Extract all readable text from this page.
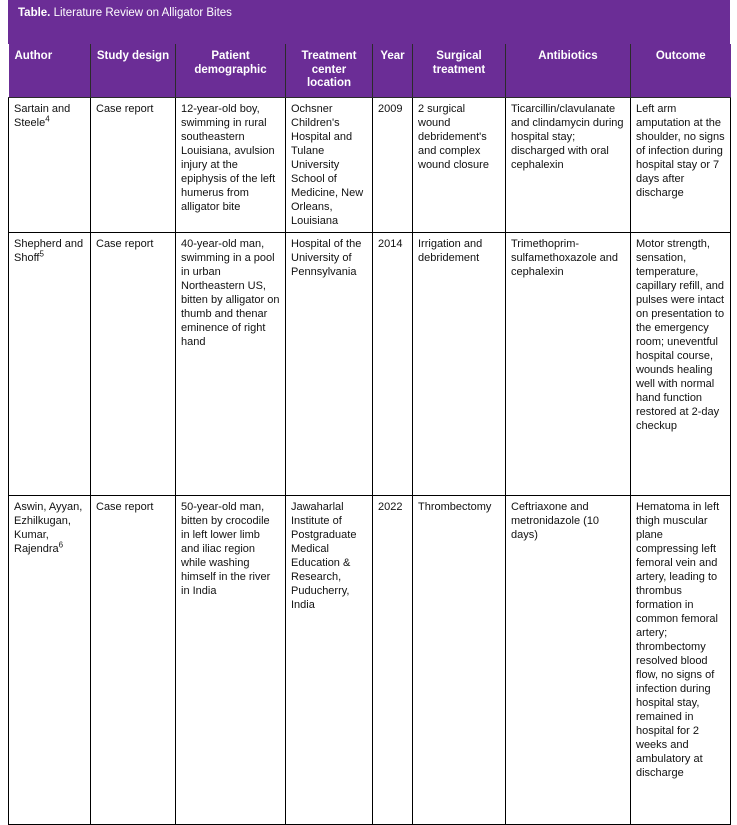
Table. Literature Review on Alligator Bites
Author	Study design	Patient demographic	Treatment center location	Year	Surgical treatment	Antibiotics	Outcome
Sartain and Steele$^4$	Case report	12-year-old boy, swimming in rural southeastern Louisiana, avulsion injury at the epiphysis of the left humerus from alligator bite	Ochsner Children's Hospital and Tulane University School of Medicine, New Orleans, Louisiana	2009	2 surgical wound debridement's and complex wound closure	Ticarcillin/clavulanate and clindamycin during hospital stay; discharged with oral cephalexin	Left arm amputation at the shoulder, no signs of infection during hospital stay or 7 days after discharge
Shepherd and Shoff$^5$	Case report	40-year-old man, swimming in a pool in urban Northeastern US, bitten by alligator on thumb and thenar eminence of right hand	Hospital of the University of Pennsylvania	2014	Irrigation and debridement	Trimethoprim-sulfamethoxazole and cephalexin	Motor strength, sensation, temperature, capillary refill, and pulses were intact on presentation to the emergency room; uneventful hospital course, wounds healing well with normal hand function restored at 2-day checkup
Aswin, Ayyan, Ezhilkugan, Kumar, Rajendra$^6$	Case report	50-year-old man, bitten by crocodile in left lower limb and iliac region while washing himself in the river in India	Jawaharlal Institute of Postgraduate Medical Education & Research, Puducherry, India	2022	Thrombectomy	Ceftriaxone and metronidazole (10 days)	Hematoma in left thigh muscular plane compressing left femoral vein and artery, leading to thrombus formation in common femoral artery; thrombectomy resolved blood flow, no signs of infection during hospital stay, remained in hospital for 2 weeks and ambulatory at discharge
